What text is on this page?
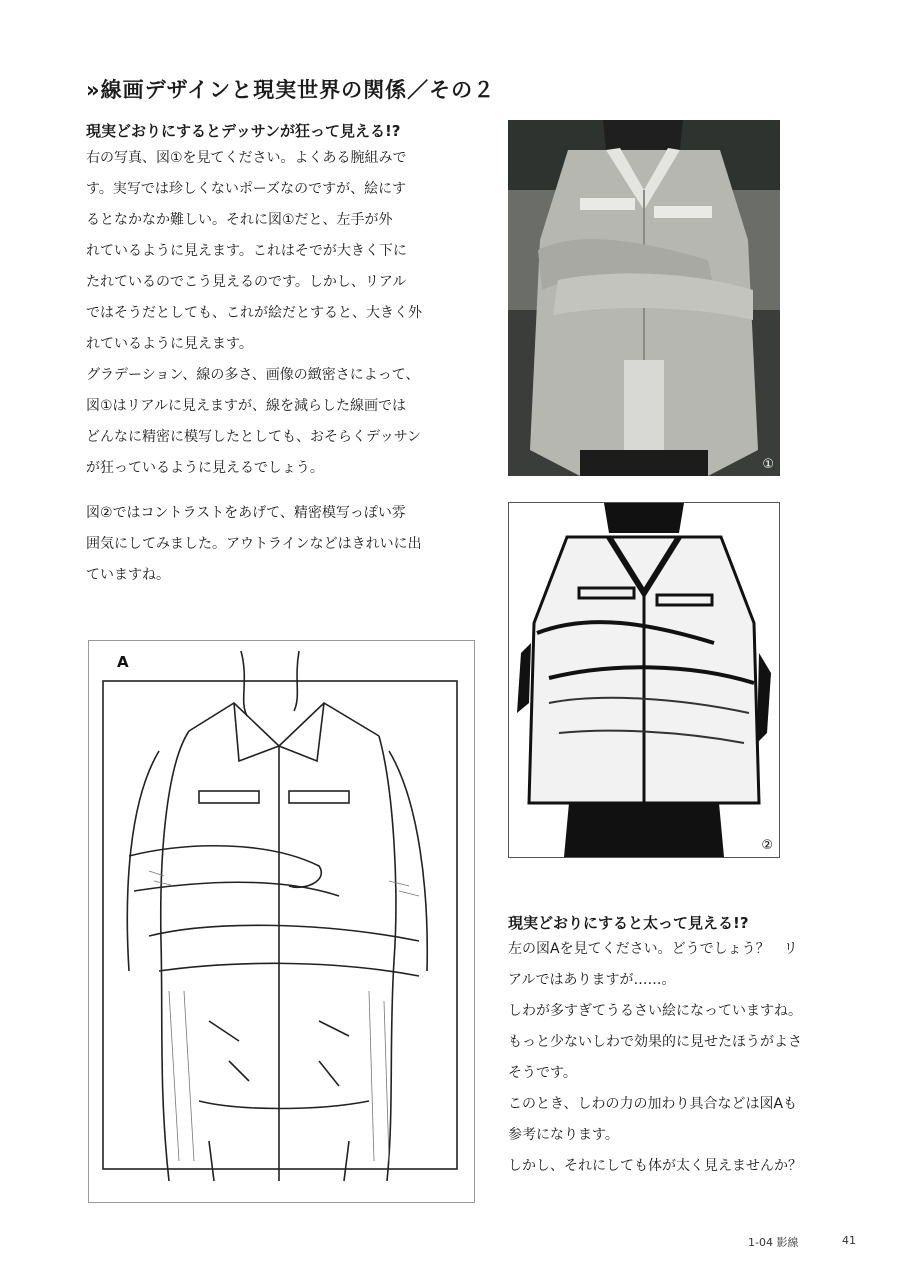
»線画デザインと現実世界の関係／その２
現実どおりにするとデッサンが狂って見える!?

右の写真、図①を見てください。よくある腕組みで
す。実写では珍しくないポーズなのですが、絵にす
るとなかなか難しい。それに図①だと、左手が外
れているように見えます。これはそでが大きく下に
たれているのでこう見えるのです。しかし、リアル
ではそうだとしても、これが絵だとすると、大きく外
れているように見えます。

グラデーション、線の多さ、画像の緻密さによって、
図①はリアルに見えますが、線を減らした線画では
どんなに精密に模写したとしても、おそらくデッサン
が狂っているように見えるでしょう。

図②ではコントラストをあげて、精密模写っぽい雰
囲気にしてみました。アウトラインなどはきれいに出
ていますね。

①
②
A
現実どおりにすると太って見える!?

左の図Aを見てください。どうでしょう？　リ
アルではありますが……。
しわが多すぎてうるさい絵になっていますね。
もっと少ないしわで効果的に見せたほうがよさ
そうです。
このとき、しわの力の加わり具合などは図Aも
参考になります。
しかし、それにしても体が太く見えませんか？

1-04 影線	41
